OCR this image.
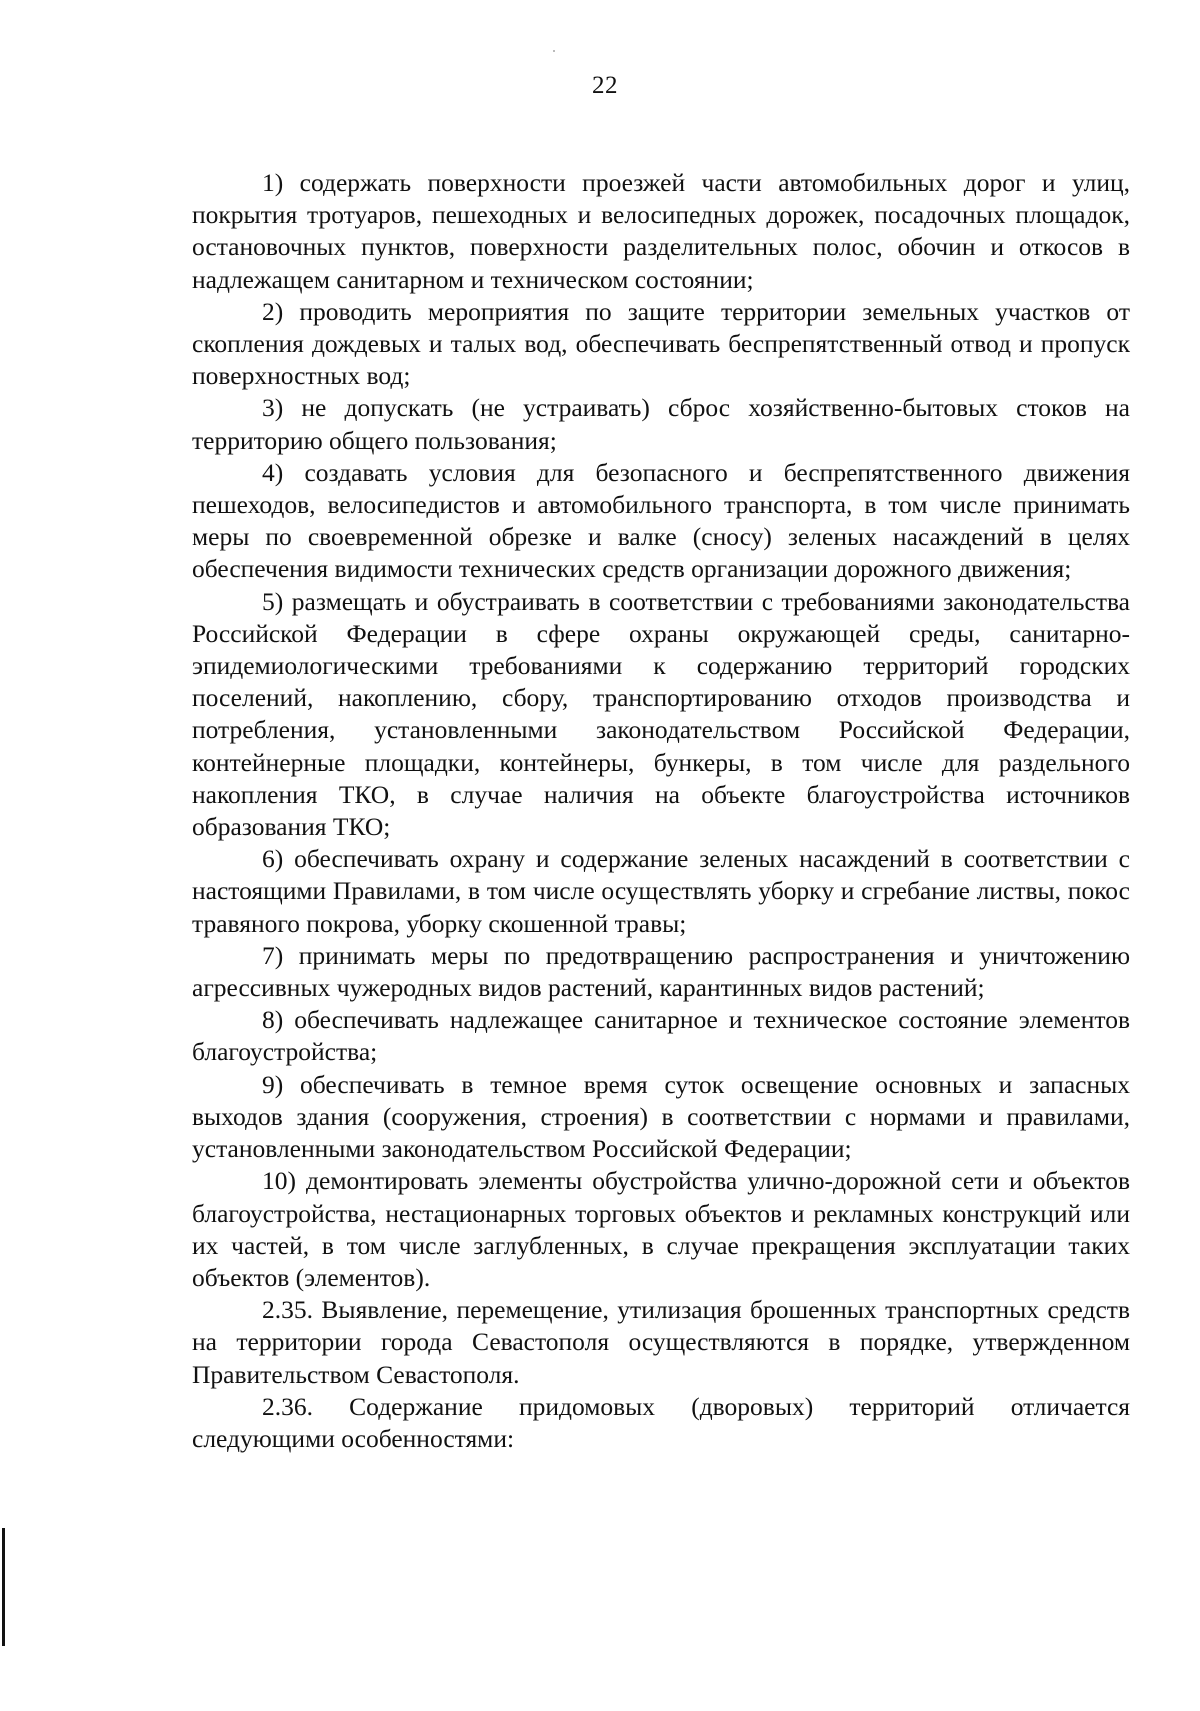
22

1) содержать поверхности проезжей части автомобильных дорог и улиц, покрытия тротуаров, пешеходных и велосипедных дорожек, посадочных площадок, остановочных пунктов, поверхности разделительных полос, обочин и откосов в надлежащем санитарном и техническом состоянии;

2) проводить мероприятия по защите территории земельных участков от скопления дождевых и талых вод, обеспечивать беспрепятственный отвод и пропуск поверхностных вод;

3) не допускать (не устраивать) сброс хозяйственно-бытовых стоков на территорию общего пользования;

4) создавать условия для безопасного и беспрепятственного движения пешеходов, велосипедистов и автомобильного транспорта, в том числе принимать меры по своевременной обрезке и валке (сносу) зеленых насаждений в целях обеспечения видимости технических средств организации дорожного движения;

5) размещать и обустраивать в соответствии с требованиями законодательства Российской Федерации в сфере охраны окружающей среды, санитарно-эпидемиологическими требованиями к содержанию территорий городских поселений, накоплению, сбору, транспортированию отходов производства и потребления, установленными законодательством Российской Федерации, контейнерные площадки, контейнеры, бункеры, в том числе для раздельного накопления ТКО, в случае наличия на объекте благоустройства источников образования ТКО;

6) обеспечивать охрану и содержание зеленых насаждений в соответствии с настоящими Правилами, в том числе осуществлять уборку и сгребание листвы, покос травяного покрова, уборку скошенной травы;

7) принимать меры по предотвращению распространения и уничтожению агрессивных чужеродных видов растений, карантинных видов растений;

8) обеспечивать надлежащее санитарное и техническое состояние элементов благоустройства;

9) обеспечивать в темное время суток освещение основных и запасных выходов здания (сооружения, строения) в соответствии с нормами и правилами, установленными законодательством Российской Федерации;

10) демонтировать элементы обустройства улично-дорожной сети и объектов благоустройства, нестационарных торговых объектов и рекламных конструкций или их частей, в том числе заглубленных, в случае прекращения эксплуатации таких объектов (элементов).

2.35. Выявление, перемещение, утилизация брошенных транспортных средств на территории города Севастополя осуществляются в порядке, утвержденном Правительством Севастополя.

2.36. Содержание придомовых (дворовых) территорий отличается следующими особенностями:
